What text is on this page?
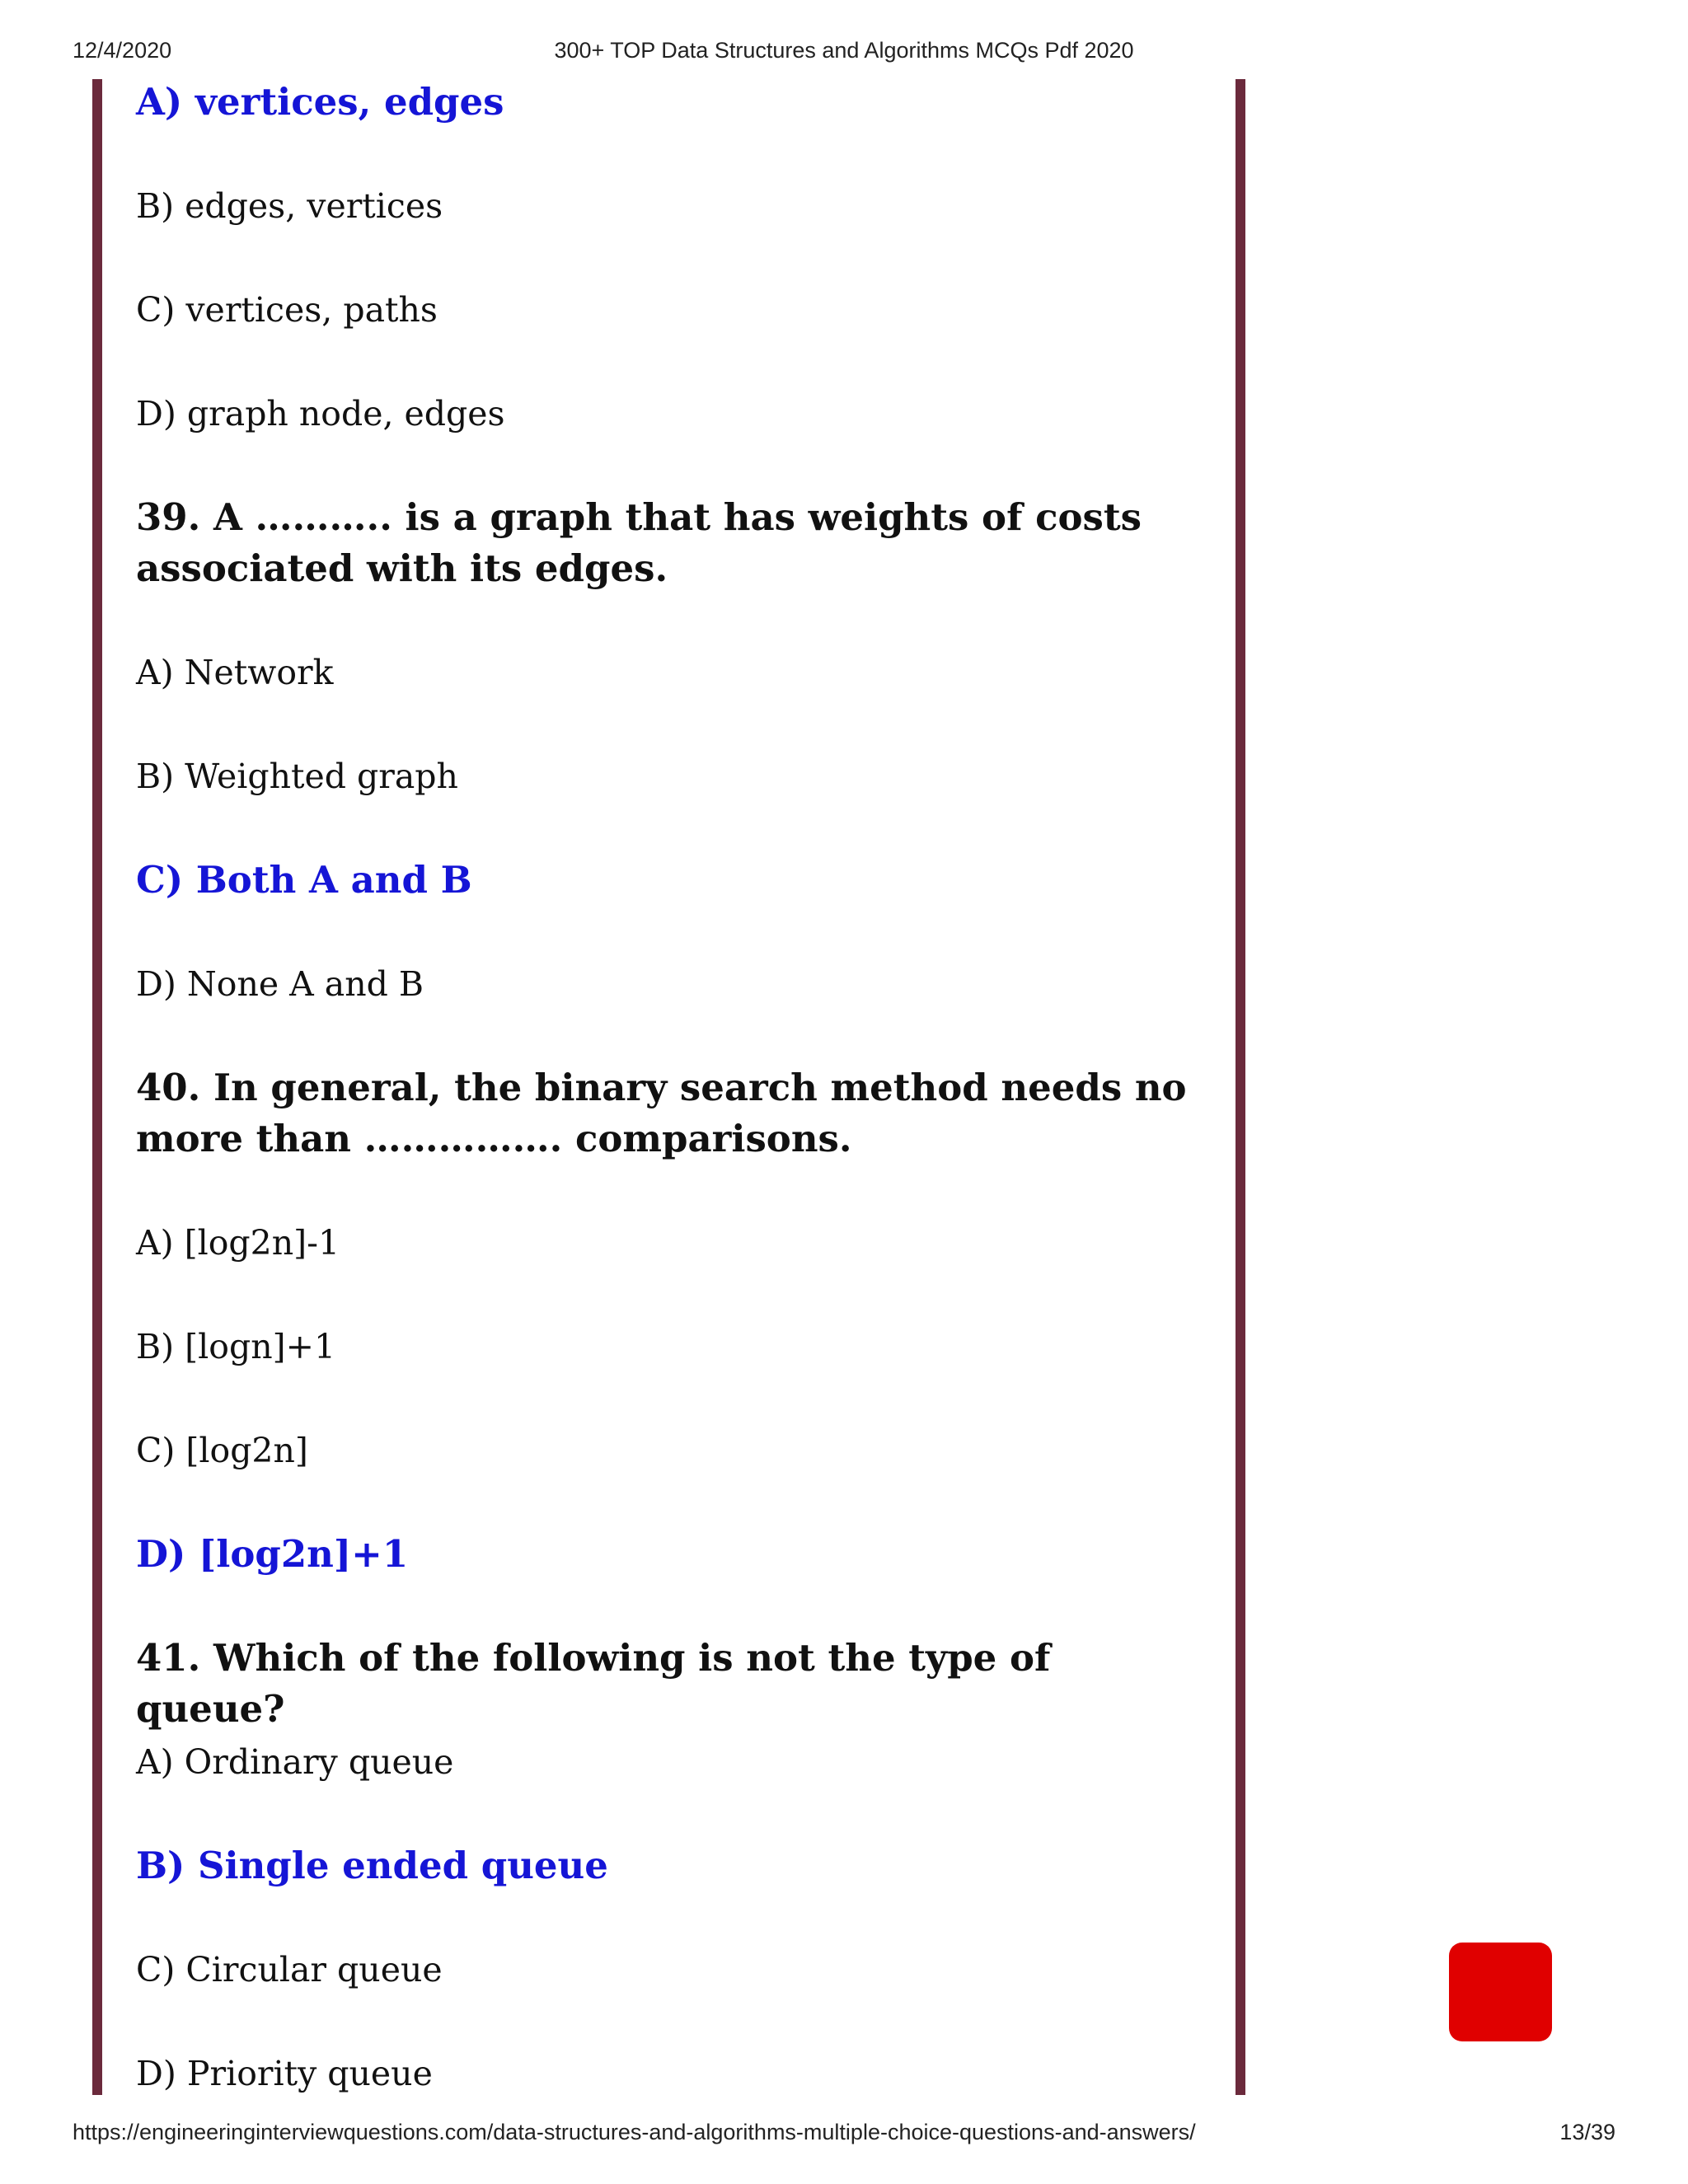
12/4/2020	300+ TOP Data Structures and Algorithms MCQs Pdf 2020
A) vertices, edges
B) edges, vertices
C) vertices, paths
D) graph node, edges
39. A ……….. is a graph that has weights of costs associated with its edges.
A) Network
B) Weighted graph
C) Both A and B
D) None A and B
40. In general, the binary search method needs no more than ……………. comparisons.
A) [log2n]-1
B) [logn]+1
C) [log2n]
D) [log2n]+1
41. Which of the following is not the type of queue?
A) Ordinary queue
B) Single ended queue
C) Circular queue
D) Priority queue
https://engineeringinterviewquestions.com/data-structures-and-algorithms-multiple-choice-questions-and-answers/	13/39
